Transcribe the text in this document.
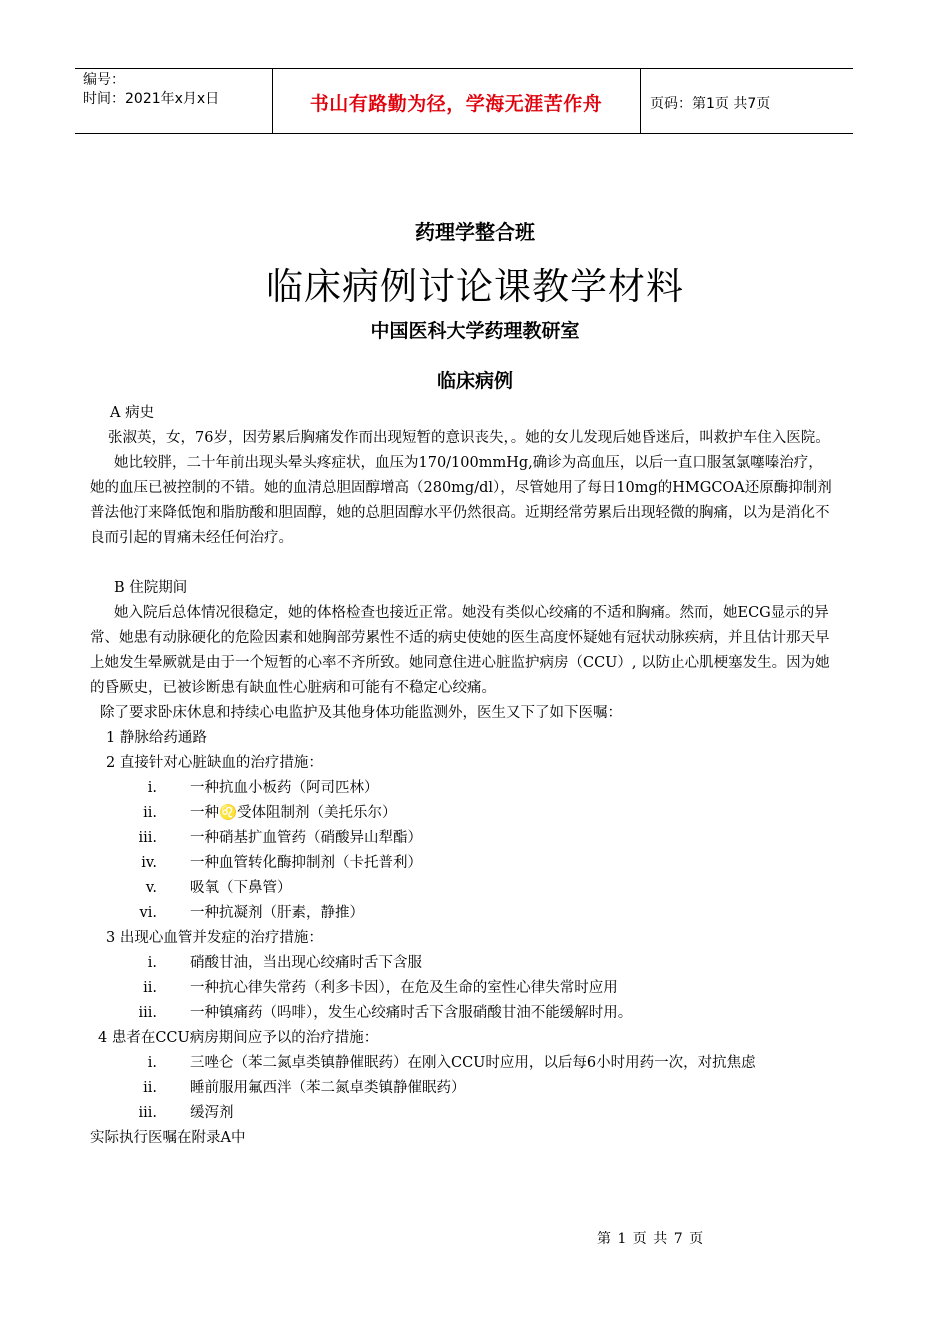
编号：
时间：2021年x月x日	书山有路勤为径，学海无涯苦作舟	页码：第1页 共7页
药理学整合班
临床病例讨论课教学材料
中国医科大学药理教研室
临床病例

A 病史

张淑英，女，76岁，因劳累后胸痛发作而出现短暂的意识丧失，。她的女儿发现后她昏迷后，叫救护车住入医院。

她比较胖，二十年前出现头晕头疼症状，血压为170/100mmHg,确诊为高血压，以后一直口服氢氯噻嗪治疗，她的血压已被控制的不错。她的血清总胆固醇增高（280mg/dl），尽管她用了每日10mg的HMGCOA还原酶抑制剂普法他汀来降低饱和脂肪酸和胆固醇，她的总胆固醇水平仍然很高。近期经常劳累后出现轻微的胸痛，以为是消化不良而引起的胃痛未经任何治疗。

B 住院期间

她入院后总体情况很稳定，她的体格检查也接近正常。她没有类似心绞痛的不适和胸痛。然而，她ECG显示的异常、她患有动脉硬化的危险因素和她胸部劳累性不适的病史使她的医生高度怀疑她有冠状动脉疾病，并且估计那天早上她发生晕厥就是由于一个短暂的心率不齐所致。她同意住进心脏监护病房（CCU）, 以防止心肌梗塞发生。因为她的昏厥史，已被诊断患有缺血性心脏病和可能有不稳定心绞痛。

除了要求卧床休息和持续心电监护及其他身体功能监测外，医生又下了如下医嘱：

1 静脉给药通路

2 直接针对心脏缺血的治疗措施：

i. 一种抗血小板药（阿司匹林）
ii. 一种♌受体阻制剂（美托乐尔）
iii. 一种硝基扩血管药（硝酸异山犁酯）
iv. 一种血管转化酶抑制剂（卡托普利）
v. 吸氧（下鼻管）
vi. 一种抗凝剂（肝素，静推）

3 出现心血管并发症的治疗措施：

i. 硝酸甘油，当出现心绞痛时舌下含服
ii. 一种抗心律失常药（利多卡因），在危及生命的室性心律失常时应用
iii. 一种镇痛药（吗啡），发生心绞痛时舌下含服硝酸甘油不能缓解时用。

4 患者在CCU病房期间应予以的治疗措施：

i. 三唑仑（苯二氮卓类镇静催眠药）在刚入CCU时应用，以后每6小时用药一次，对抗焦虑
ii. 睡前服用氟西泮（苯二氮卓类镇静催眠药）
iii. 缓泻剂

实际执行医嘱在附录A中

第 1 页 共 7 页
